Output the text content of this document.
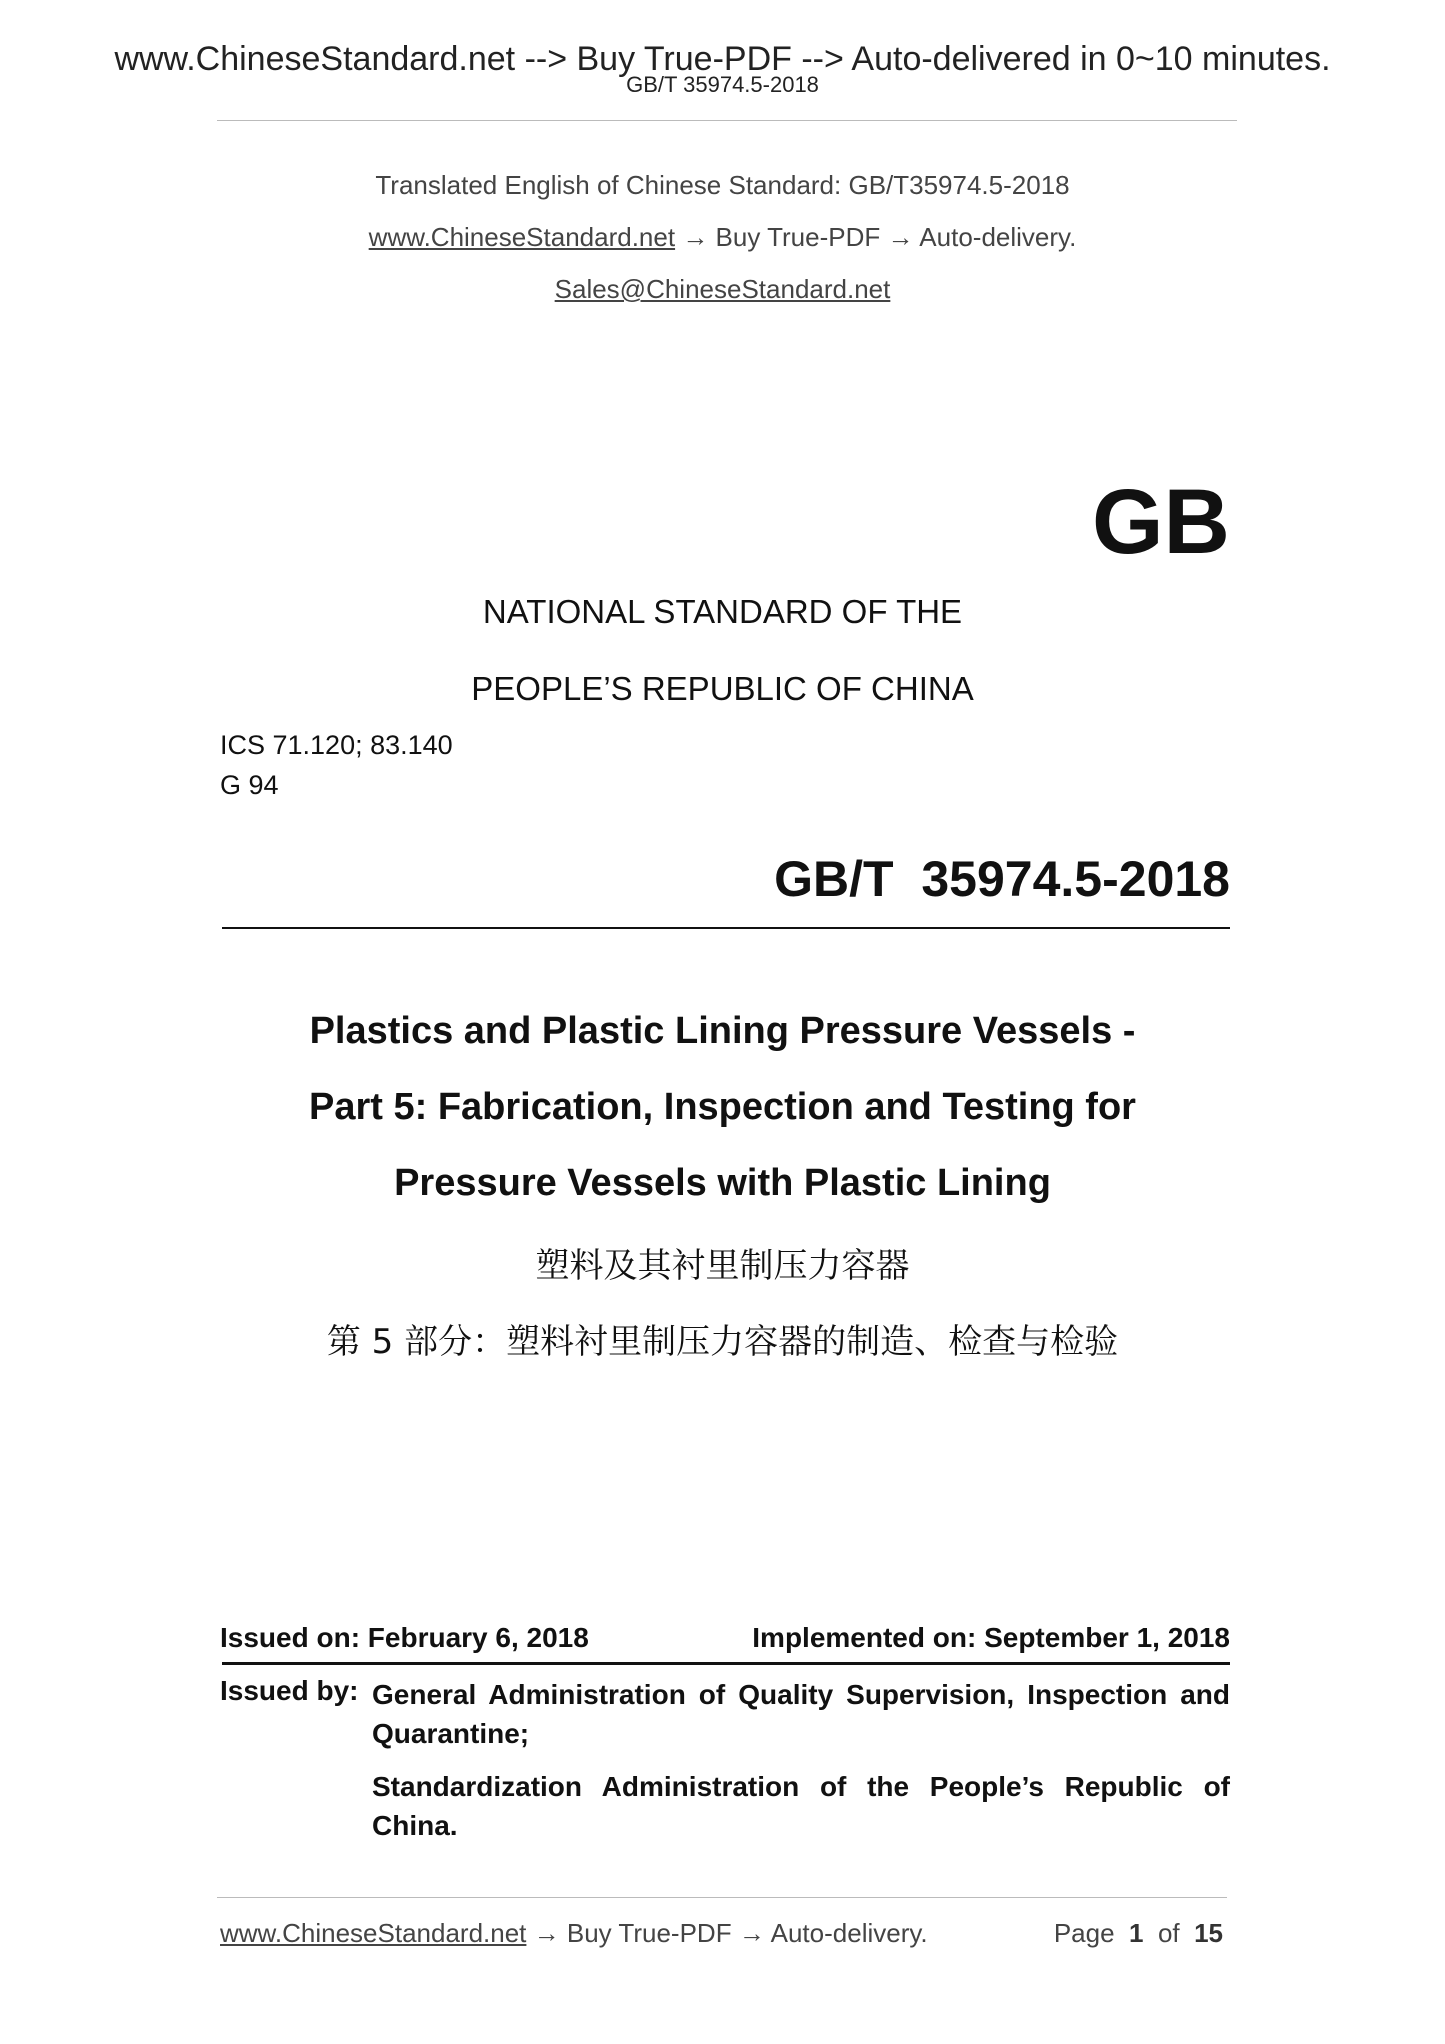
www.ChineseStandard.net --> Buy True-PDF --> Auto-delivered in 0~10 minutes.
GB/T 35974.5-2018
Translated English of Chinese Standard: GB/T35974.5-2018
www.ChineseStandard.net → Buy True-PDF → Auto-delivery.
Sales@ChineseStandard.net
GB
NATIONAL STANDARD OF THE
PEOPLE’S REPUBLIC OF CHINA
ICS 71.120; 83.140
G 94
GB/T  35974.5-2018
Plastics and Plastic Lining Pressure Vessels -
Part 5: Fabrication, Inspection and Testing for
Pressure Vessels with Plastic Lining
塑料及其衬里制压力容器
第 5 部分：塑料衬里制压力容器的制造、检查与检验
Issued on: February 6, 2018	Implemented on: September 1, 2018
Issued by: General Administration of Quality Supervision, Inspection and Quarantine;

Standardization Administration of the People’s Republic of China.

www.ChineseStandard.net → Buy True-PDF → Auto-delivery.	Page 1 of 15
